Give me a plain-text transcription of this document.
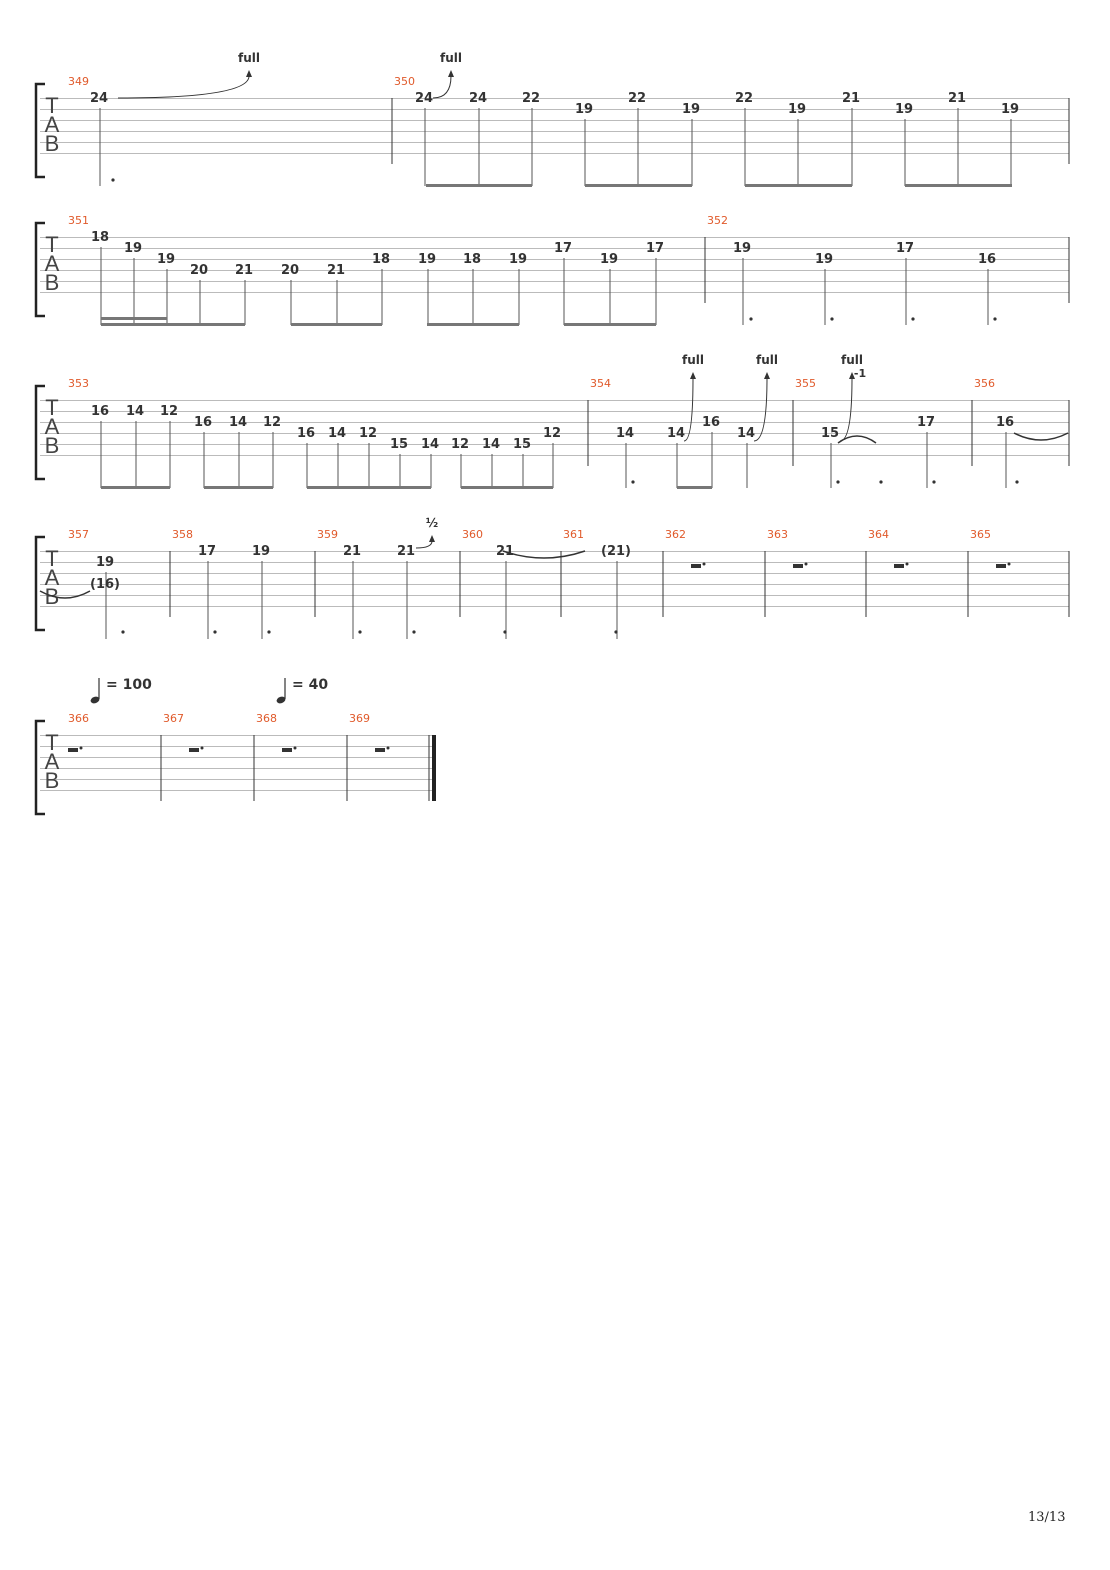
T
A
B
349
24
350
24	24	22
19
22
19
22
19
21
19
21
19
T
A
B
351
18
19
19
20 21 20 21
18 19 18 19
17
19
17
352
19
19
17
16
T
A
B
353
16 14 12
16 14 12
16 14 12
15 14 12 14 15
12
354
14	14
16
14
355
15
17
356
16
T
A
B
357
19
(16)
358
17	19
359
21	21
360
21
361
(21)
362	363	364	365
T
A
B
366	367	368	369
full	full
full	full	full
-1
½
= 100	= 40
13/13
